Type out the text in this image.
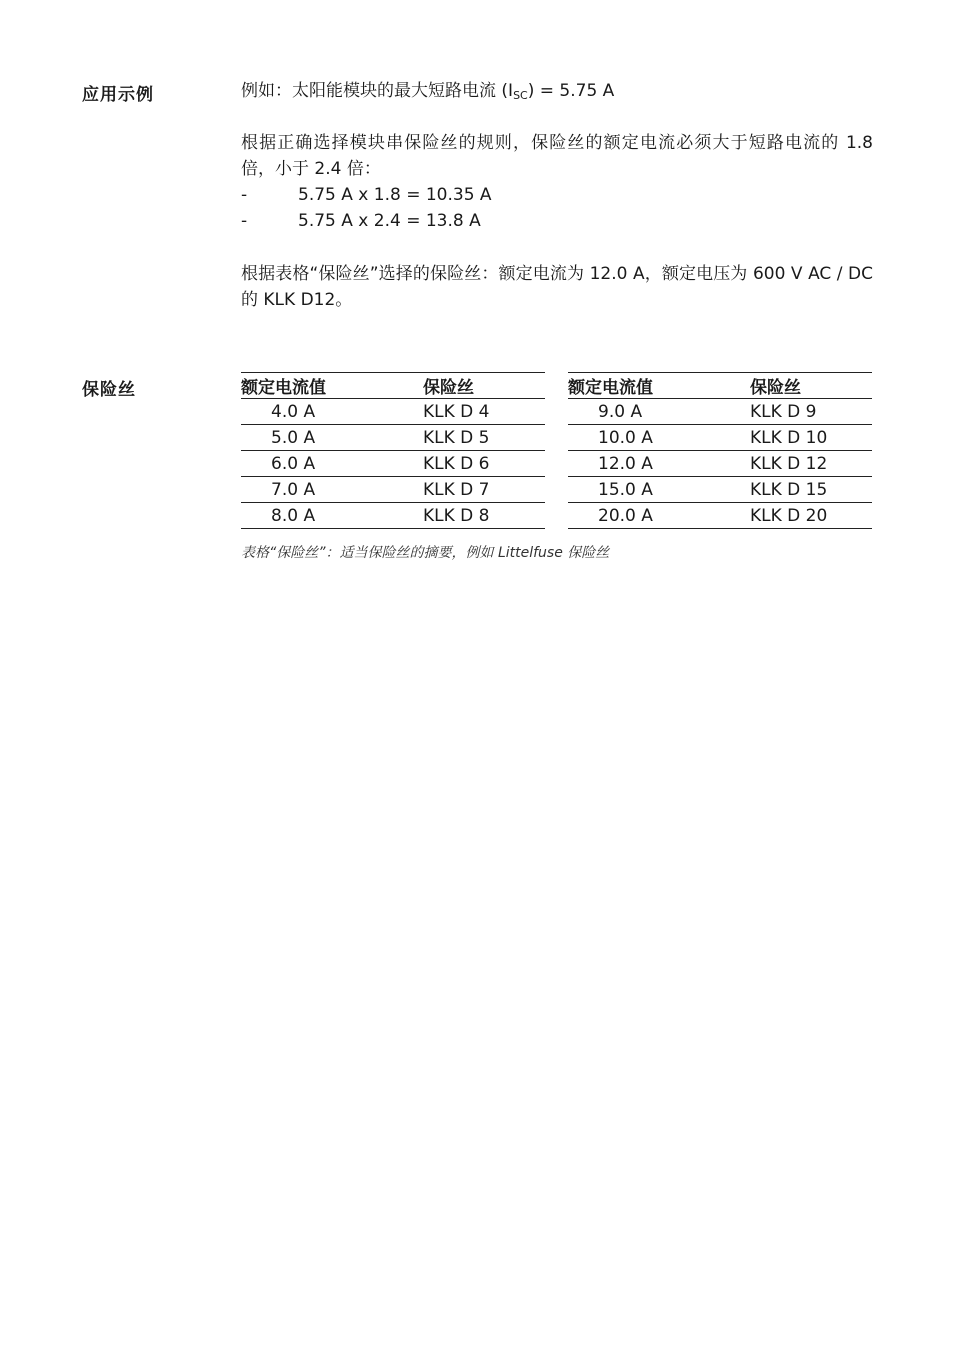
应用示例	例如：太阳能模块的最大短路电流 $(I_{SC}) = 5.75$ A

根据正确选择模块串保险丝的规则，保险丝的额定电流必须大于短路电流的 1.8 倍，小于 2.4 倍：

-	5.75 A x 1.8 = 10.35 A
-	5.75 A x 2.4 = 13.8 A

根据表格“保险丝”选择的保险丝：额定电流为 12.0 A，额定电压为 600 V AC / DC 的 KLK D12。

保险丝	额定电流值	保险丝
4.0 A	KLK D 4
5.0 A	KLK D 5
6.0 A	KLK D 6
7.0 A	KLK D 7
8.0 A	KLK D 8
额定电流值	保险丝
9.0 A	KLK D 9
10.0 A	KLK D 10
12.0 A	KLK D 12
15.0 A	KLK D 15
20.0 A	KLK D 20
表格“保险丝”：适当保险丝的摘要，例如 Littelfuse 保险丝
